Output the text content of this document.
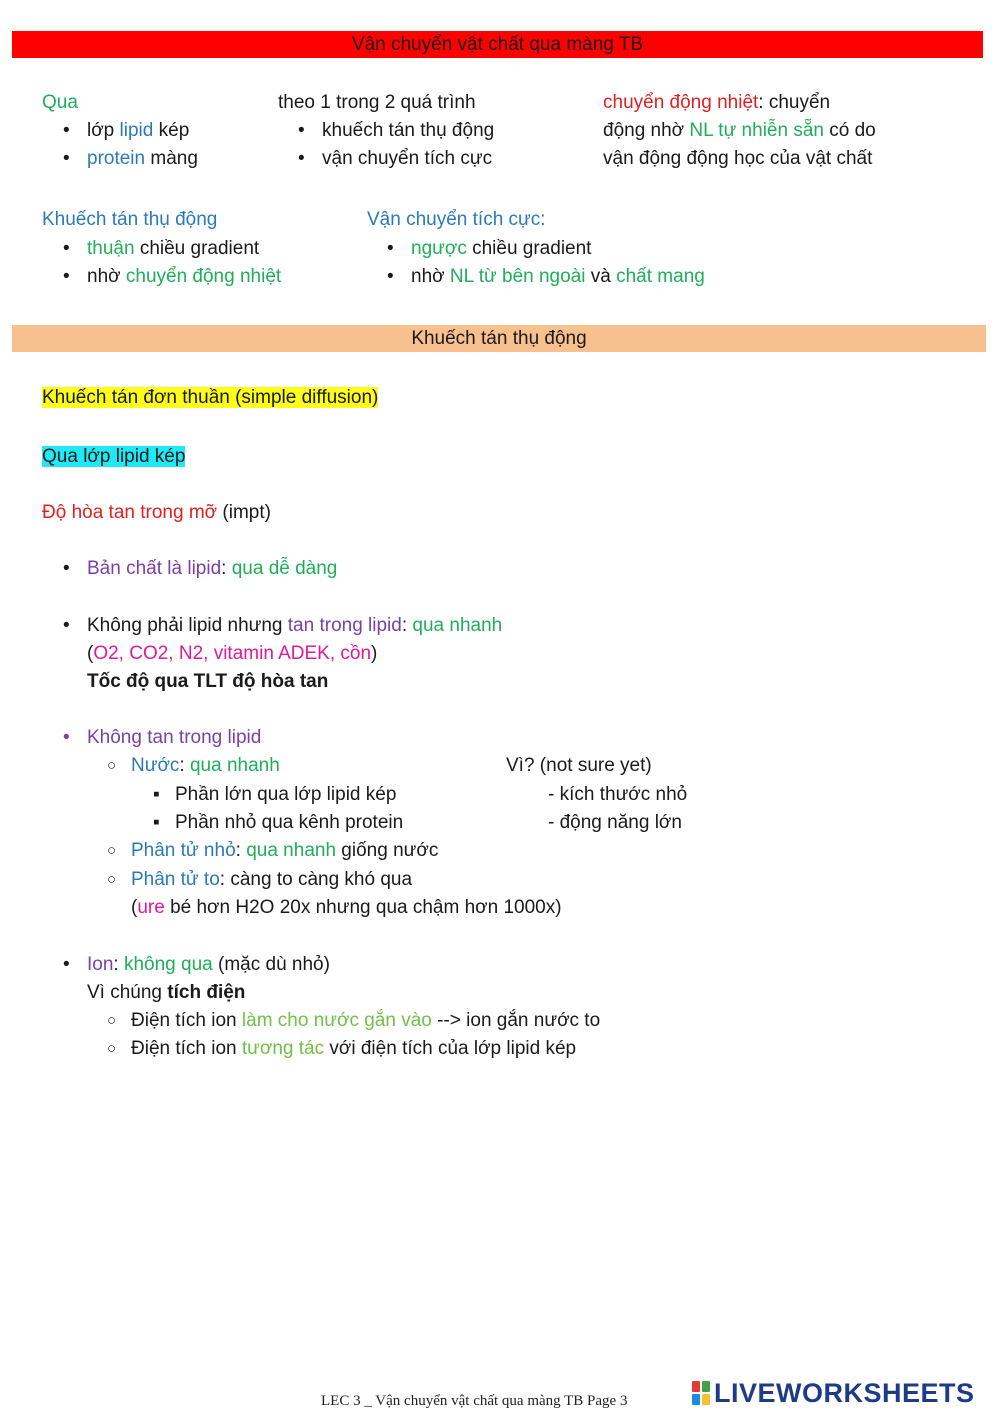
Vận chuyển vật chất qua màng TB
Qua
• lớp lipid kép
• protein màng
theo 1 trong 2 quá trình
• khuếch tán thụ động
• vận chuyển tích cực
chuyển động nhiệt: chuyển
động nhờ NL tự nhiễn sẵn có do
vận động động học của vật chất
Khuếch tán thụ động
• thuận chiều gradient
• nhờ chuyển động nhiệt
Vận chuyển tích cực:
• ngược chiều gradient
• nhờ NL từ bên ngoài và chất mang
Khuếch tán thụ động
Khuếch tán đơn thuần (simple diffusion)
Qua lớp lipid kép
Độ hòa tan trong mỡ (impt)
• Bản chất là lipid: qua dễ dàng
• Không phải lipid nhưng tan trong lipid: qua nhanh
(O2, CO2, N2, vitamin ADEK, cồn)
Tốc độ qua TLT độ hòa tan
• Không tan trong lipid
○ Nước: qua nhanh	Vì? (not sure yet)
▪ Phần lớn qua lớp lipid kép	- kích thước nhỏ
▪ Phần nhỏ qua kênh protein	- động năng lớn
○ Phân tử nhỏ: qua nhanh giống nước
○ Phân tử to: càng to càng khó qua
(ure bé hơn H2O 20x nhưng qua chậm hơn 1000x)
• Ion: không qua (mặc dù nhỏ)
Vì chúng tích điện
○ Điện tích ion làm cho nước gắn vào --> ion gắn nước to
○ Điện tích ion tương tác với điện tích của lớp lipid kép
LEC 3 _ Vận chuyển vật chất qua màng TB Page 3	LIVEWORKSHEETS
